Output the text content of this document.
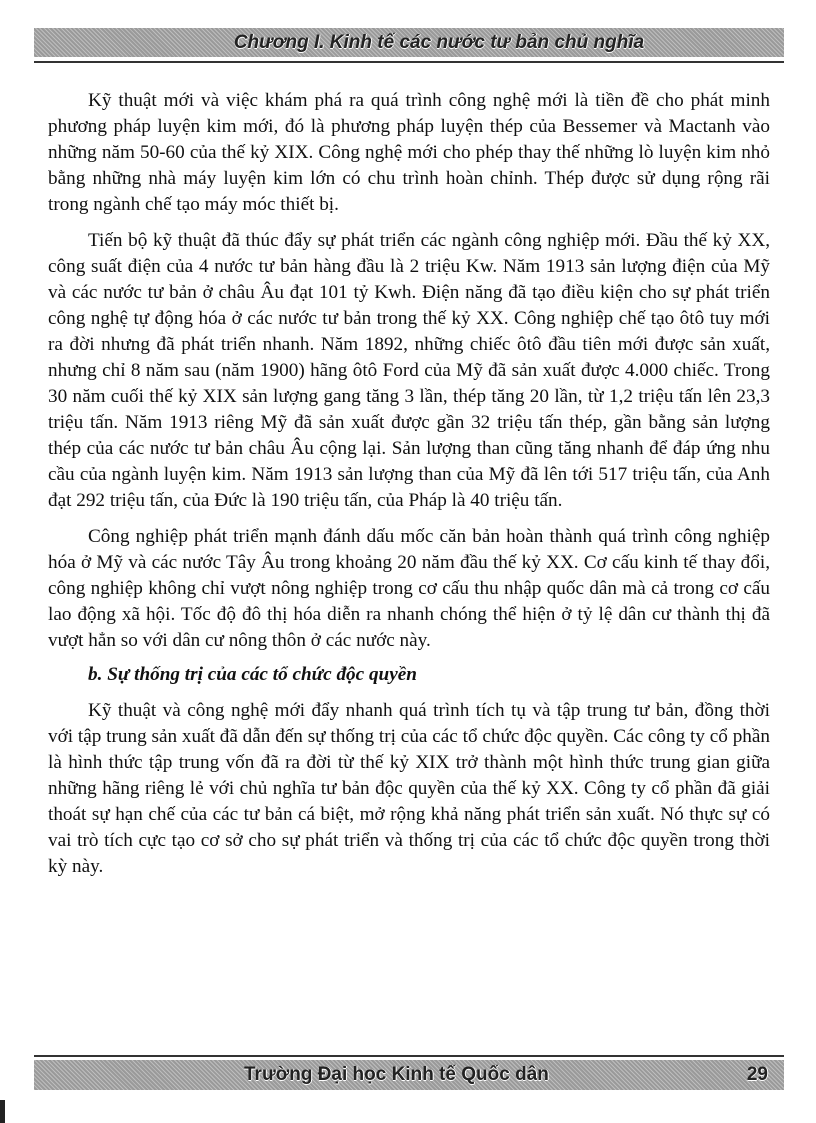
Chương I. Kinh tế các nước tư bản chủ nghĩa

Kỹ thuật mới và việc khám phá ra quá trình công nghệ mới là tiền đề cho phát minh phương pháp luyện kim mới, đó là phương pháp luyện thép của Bessemer và Mactanh vào những năm 50-60 của thế kỷ XIX. Công nghệ mới cho phép thay thế những lò luyện kim nhỏ bằng những nhà máy luyện kim lớn có chu trình hoàn chỉnh. Thép được sử dụng rộng rãi trong ngành chế tạo máy móc thiết bị.

Tiến bộ kỹ thuật đã thúc đẩy sự phát triển các ngành công nghiệp mới. Đầu thế kỷ XX, công suất điện của 4 nước tư bản hàng đầu là 2 triệu Kw. Năm 1913 sản lượng điện của Mỹ và các nước tư bản ở châu Âu đạt 101 tỷ Kwh. Điện năng đã tạo điều kiện cho sự phát triển công nghệ tự động hóa ở các nước tư bản trong thế kỷ XX. Công nghiệp chế tạo ôtô tuy mới ra đời nhưng đã phát triển nhanh. Năm 1892, những chiếc ôtô đầu tiên mới được sản xuất, nhưng chỉ 8 năm sau (năm 1900) hãng ôtô Ford của Mỹ đã sản xuất được 4.000 chiếc. Trong 30 năm cuối thế kỷ XIX sản lượng gang tăng 3 lần, thép tăng 20 lần, từ 1,2 triệu tấn lên 23,3 triệu tấn. Năm 1913 riêng Mỹ đã sản xuất được gần 32 triệu tấn thép, gần bằng sản lượng thép của các nước tư bản châu Âu cộng lại. Sản lượng than cũng tăng nhanh để đáp ứng nhu cầu của ngành luyện kim. Năm 1913 sản lượng than của Mỹ đã lên tới 517 triệu tấn, của Anh đạt 292 triệu tấn, của Đức là 190 triệu tấn, của Pháp là 40 triệu tấn.

Công nghiệp phát triển mạnh đánh dấu mốc căn bản hoàn thành quá trình công nghiệp hóa ở Mỹ và các nước Tây Âu trong khoảng 20 năm đầu thế kỷ XX. Cơ cấu kinh tế thay đổi, công nghiệp không chỉ vượt nông nghiệp trong cơ cấu thu nhập quốc dân mà cả trong cơ cấu lao động xã hội. Tốc độ đô thị hóa diễn ra nhanh chóng thể hiện ở tỷ lệ dân cư thành thị đã vượt hẳn so với dân cư nông thôn ở các nước này.

b. Sự thống trị của các tổ chức độc quyền

Kỹ thuật và công nghệ mới đẩy nhanh quá trình tích tụ và tập trung tư bản, đồng thời với tập trung sản xuất đã dẫn đến sự thống trị của các tổ chức độc quyền. Các công ty cổ phần là hình thức tập trung vốn đã ra đời từ thế kỷ XIX trở thành một hình thức trung gian giữa những hãng riêng lẻ với chủ nghĩa tư bản độc quyền của thế kỷ XX. Công ty cổ phần đã giải thoát sự hạn chế của các tư bản cá biệt, mở rộng khả năng phát triển sản xuất. Nó thực sự có vai trò tích cực tạo cơ sở cho sự phát triển và thống trị của các tổ chức độc quyền trong thời kỳ này.

Trường Đại học Kinh tế Quốc dân	29
